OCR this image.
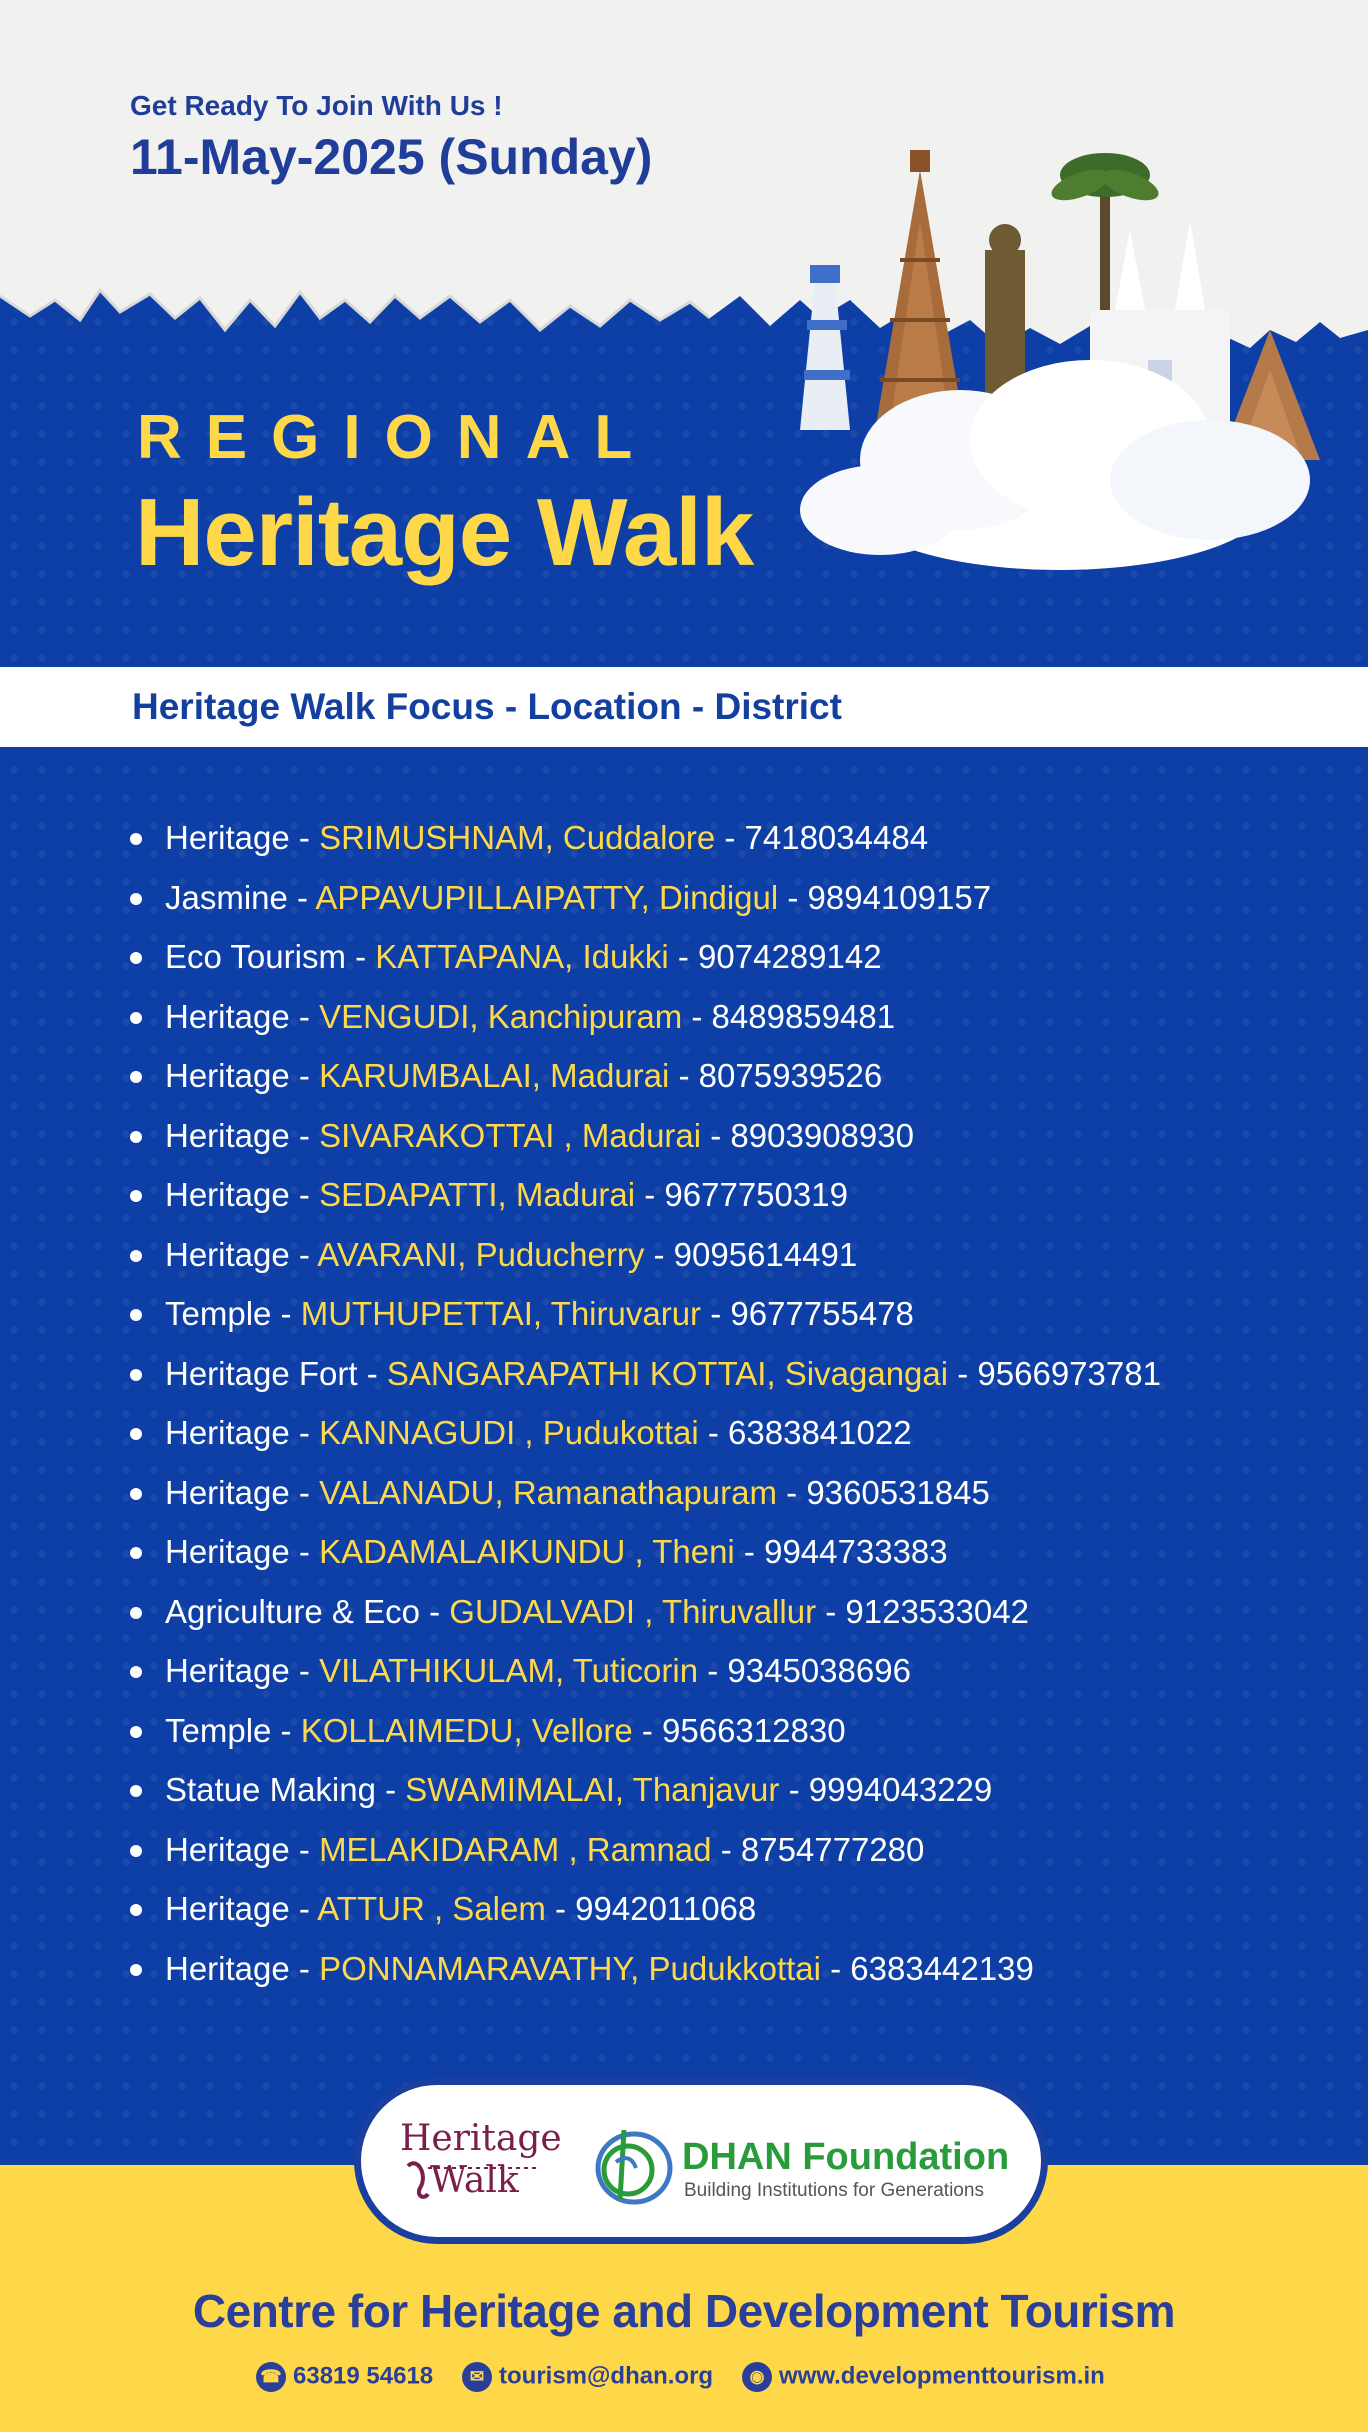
Get Ready To Join With Us !
11-May-2025 (Sunday)
REGIONAL
Heritage Walk
Heritage Walk Focus - Location - District
Heritage - SRIMUSHNAM, Cuddalore - 7418034484
Jasmine - APPAVUPILLAIPATTY, Dindigul - 9894109157
Eco Tourism - KATTAPANA, Idukki - 9074289142
Heritage - VENGUDI, Kanchipuram - 8489859481
Heritage - KARUMBALAI, Madurai - 8075939526
Heritage - SIVARAKOTTAI , Madurai - 8903908930
Heritage - SEDAPATTI, Madurai - 9677750319
Heritage - AVARANI, Puducherry - 9095614491
Temple - MUTHUPETTAI, Thiruvarur - 9677755478
Heritage Fort - SANGARAPATHI KOTTAI, Sivagangai - 9566973781
Heritage - KANNAGUDI , Pudukottai - 6383841022
Heritage - VALANADU, Ramanathapuram - 9360531845
Heritage - KADAMALAIKUNDU , Theni - 9944733383
Agriculture & Eco - GUDALVADI , Thiruvallur - 9123533042
Heritage - VILATHIKULAM, Tuticorin - 9345038696
Temple - KOLLAIMEDU, Vellore - 9566312830
Statue Making - SWAMIMALAI, Thanjavur - 9994043229
Heritage - MELAKIDARAM , Ramnad - 8754777280
Heritage - ATTUR , Salem - 9942011068
Heritage - PONNAMARAVATHY, Pudukkottai - 6383442139
Heritage
Walk
DHAN Foundation
Building Institutions for Generations
Centre for Heritage and Development Tourism
☎ 63819 54618	✉ tourism@dhan.org	◉ www.developmenttourism.in
